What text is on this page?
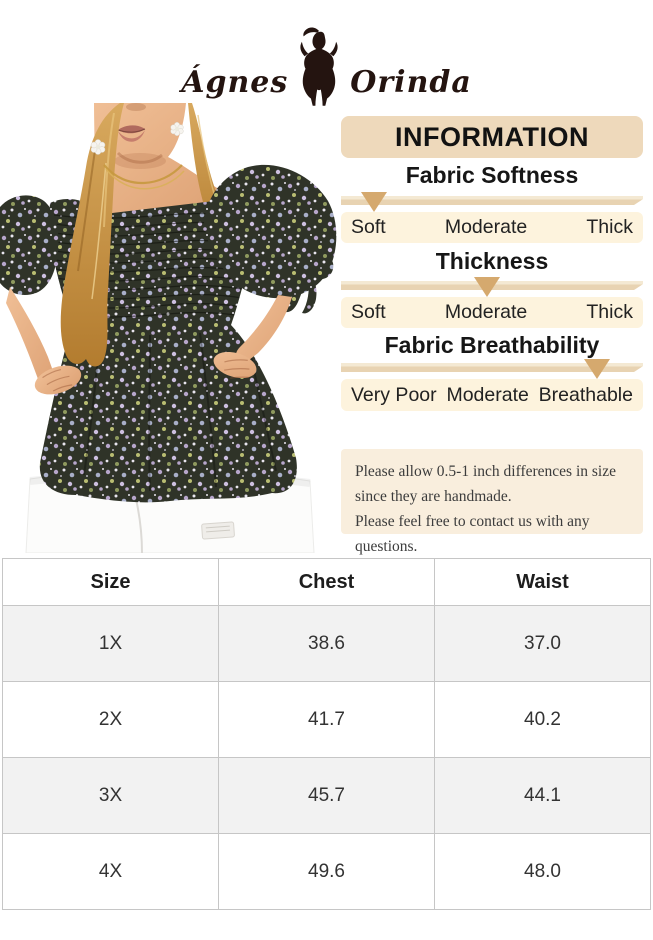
Ágnes Orinda
INFORMATION
Fabric Softness
Soft	Moderate	Thick
Thickness
Soft	Moderate	Thick
Fabric Breathability
Very Poor Moderate Breathable
Please allow 0.5-1 inch differences in size
since they are handmade.
Please feel free to contact us with any questions.
Size	Chest	Waist
1X	38.6	37.0
2X	41.7	40.2
3X	45.7	44.1
4X	49.6	48.0
